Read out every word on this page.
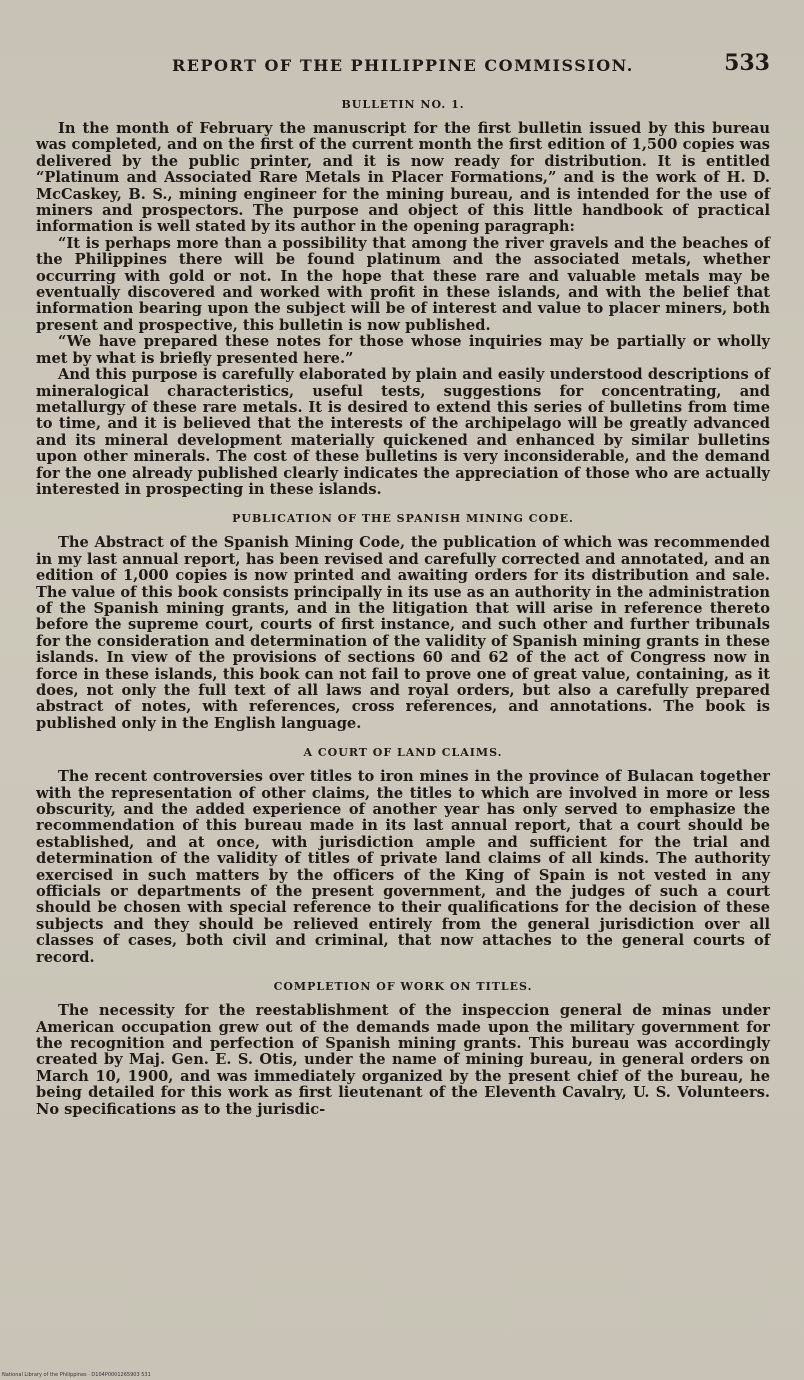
REPORT OF THE PHILIPPINE COMMISSION.	533
BULLETIN NO. 1.

In the month of February the manuscript for the first bulletin issued by this bureau was completed, and on the first of the current month the first edition of 1,500 copies was delivered by the public printer, and it is now ready for distribution. It is entitled “Platinum and Associated Rare Metals in Placer Formations,” and is the work of H. D. McCaskey, B. S., mining engineer for the mining bureau, and is intended for the use of miners and prospectors. The purpose and object of this little handbook of practical information is well stated by its author in the opening paragraph:

“It is perhaps more than a possibility that among the river gravels and the beaches of the Philippines there will be found platinum and the associated metals, whether occurring with gold or not. In the hope that these rare and valuable metals may be eventually discovered and worked with profit in these islands, and with the belief that information bearing upon the subject will be of interest and value to placer miners, both present and prospective, this bulletin is now published.

“We have prepared these notes for those whose inquiries may be partially or wholly met by what is briefly presented here.”

And this purpose is carefully elaborated by plain and easily understood descriptions of mineralogical characteristics, useful tests, suggestions for concentrating, and metallurgy of these rare metals. It is desired to extend this series of bulletins from time to time, and it is believed that the interests of the archipelago will be greatly advanced and its mineral development materially quickened and enhanced by similar bulletins upon other minerals. The cost of these bulletins is very inconsiderable, and the demand for the one already published clearly indicates the appreciation of those who are actually interested in prospecting in these islands.

PUBLICATION OF THE SPANISH MINING CODE.

The Abstract of the Spanish Mining Code, the publication of which was recommended in my last annual report, has been revised and carefully corrected and annotated, and an edition of 1,000 copies is now printed and awaiting orders for its distribution and sale. The value of this book consists principally in its use as an authority in the administration of the Spanish mining grants, and in the litigation that will arise in reference thereto before the supreme court, courts of first instance, and such other and further tribunals for the consideration and determination of the validity of Spanish mining grants in these islands. In view of the provisions of sections 60 and 62 of the act of Congress now in force in these islands, this book can not fail to prove one of great value, containing, as it does, not only the full text of all laws and royal orders, but also a carefully prepared abstract of notes, with references, cross references, and annotations. The book is published only in the English language.

A COURT OF LAND CLAIMS.

The recent controversies over titles to iron mines in the province of Bulacan together with the representation of other claims, the titles to which are involved in more or less obscurity, and the added experience of another year has only served to emphasize the recommendation of this bureau made in its last annual report, that a court should be established, and at once, with jurisdiction ample and sufficient for the trial and determination of the validity of titles of private land claims of all kinds. The authority exercised in such matters by the officers of the King of Spain is not vested in any officials or departments of the present government, and the judges of such a court should be chosen with special reference to their qualifications for the decision of these subjects and they should be relieved entirely from the general jurisdiction over all classes of cases, both civil and criminal, that now attaches to the general courts of record.

COMPLETION OF WORK ON TITLES.

The necessity for the reestablishment of the inspeccion general de minas under American occupation grew out of the demands made upon the military government for the recognition and perfection of Spanish mining grants. This bureau was accordingly created by Maj. Gen. E. S. Otis, under the name of mining bureau, in general orders on March 10, 1900, and was immediately organized by the present chief of the bureau, he being detailed for this work as first lieutenant of the Eleventh Cavalry, U. S. Volunteers. No specifications as to the jurisdic-

National Library of the Philippines · D104P0001265903 531
